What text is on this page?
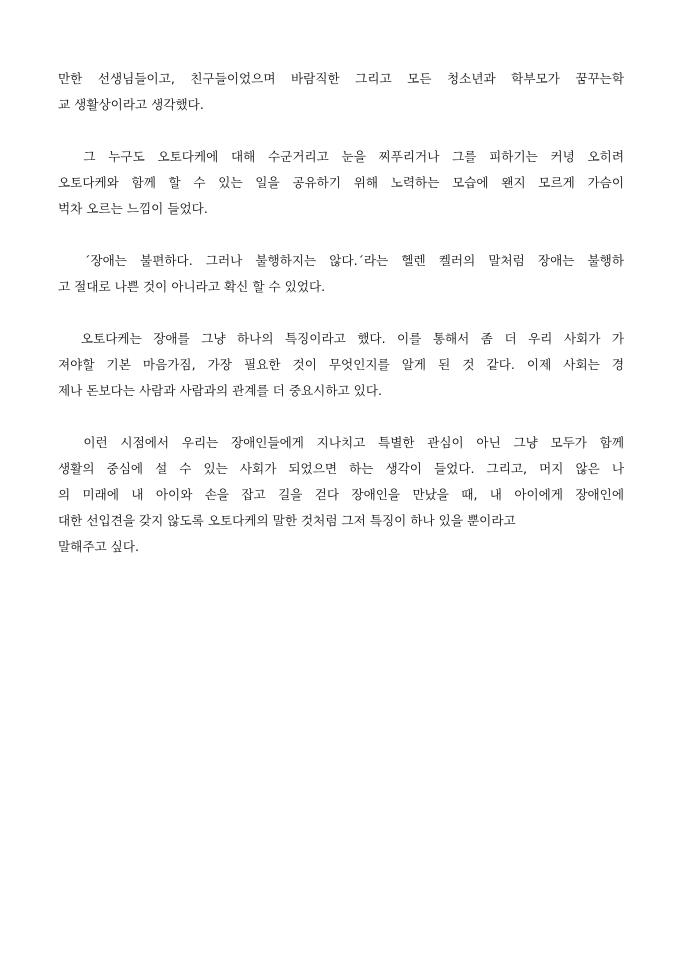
만한 선생님들이고, 친구들이었으며 바람직한 그리고 모든 청소년과 학부모가 꿈꾸는학
교 생활상이라고 생각했다.
그 누구도 오토다케에 대해 수군거리고 눈을 찌푸리거나 그를 피하기는 커녕 오히려
오토다케와 함께 할 수 있는 일을 공유하기 위해 노력하는 모습에 왠지 모르게 가슴이
벅차 오르는 느낌이 들었다.
´장애는 불편하다. 그러나 불행하지는 않다.´라는 헬렌 켈러의 말처럼 장애는 불행하
고 절대로 나쁜 것이 아니라고 확신 할 수 있었다.
오토다케는 장애를 그냥 하나의 특징이라고 했다. 이를 통해서 좀 더 우리 사회가 가
져야할 기본 마음가짐, 가장 필요한 것이 무엇인지를 알게 된 것 같다. 이제 사회는 경
제나 돈보다는 사람과 사람과의 관계를 더 중요시하고 있다.
이런 시점에서 우리는 장애인들에게 지나치고 특별한 관심이 아닌 그냥 모두가 함께
생활의 중심에 설 수 있는 사회가 되었으면 하는 생각이 들었다. 그리고, 머지 않은 나
의 미래에 내 아이와 손을 잡고 길을 걷다 장애인을 만났을 때, 내 아이에게 장애인에
대한 선입견을 갖지 않도록 오토다케의 말한 것처럼 그저 특징이 하나 있을 뿐이라고
말해주고 싶다.
